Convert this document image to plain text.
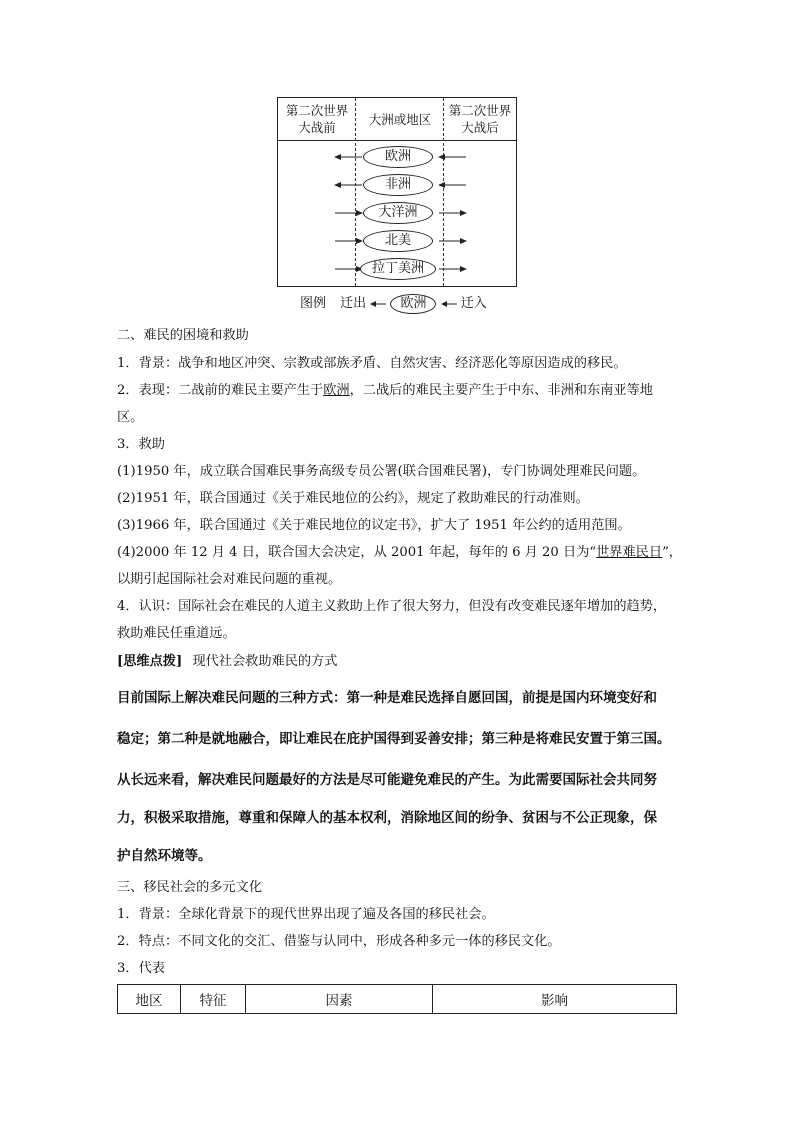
第二次世界
大战前
大洲或地区
第二次世界
大战后
欧洲
非洲
大洋洲
北美
拉丁美洲
图例 迁出	欧洲	迁入
二、难民的困境和救助
1．背景：战争和地区冲突、宗教或部族矛盾、自然灾害、经济恶化等原因造成的移民。
2．表现：二战前的难民主要产生于欧洲，二战后的难民主要产生于中东、非洲和东南亚等地
区。
3．救助
(1)1950 年，成立联合国难民事务高级专员公署(联合国难民署)，专门协调处理难民问题。
(2)1951 年，联合国通过《关于难民地位的公约》，规定了救助难民的行动准则。
(3)1966 年，联合国通过《关于难民地位的议定书》，扩大了 1951 年公约的适用范围。
(4)2000 年 12 月 4 日，联合国大会决定，从 2001 年起，每年的 6 月 20 日为“世界难民日”，
以期引起国际社会对难民问题的重视。
4．认识：国际社会在难民的人道主义救助上作了很大努力，但没有改变难民逐年增加的趋势，
救助难民任重道远。
[思维点拨] 现代社会救助难民的方式
目前国际上解决难民问题的三种方式：第一种是难民选择自愿回国，前提是国内环境变好和
稳定；第二种是就地融合，即让难民在庇护国得到妥善安排；第三种是将难民安置于第三国。
从长远来看，解决难民问题最好的方法是尽可能避免难民的产生。为此需要国际社会共同努
力，积极采取措施，尊重和保障人的基本权利，消除地区间的纷争、贫困与不公正现象，保
护自然环境等。
三、移民社会的多元文化
1．背景：全球化背景下的现代世界出现了遍及各国的移民社会。
2．特点：不同文化的交汇、借鉴与认同中，形成各种多元一体的移民文化。
3．代表
地区	特征	因素	影响
